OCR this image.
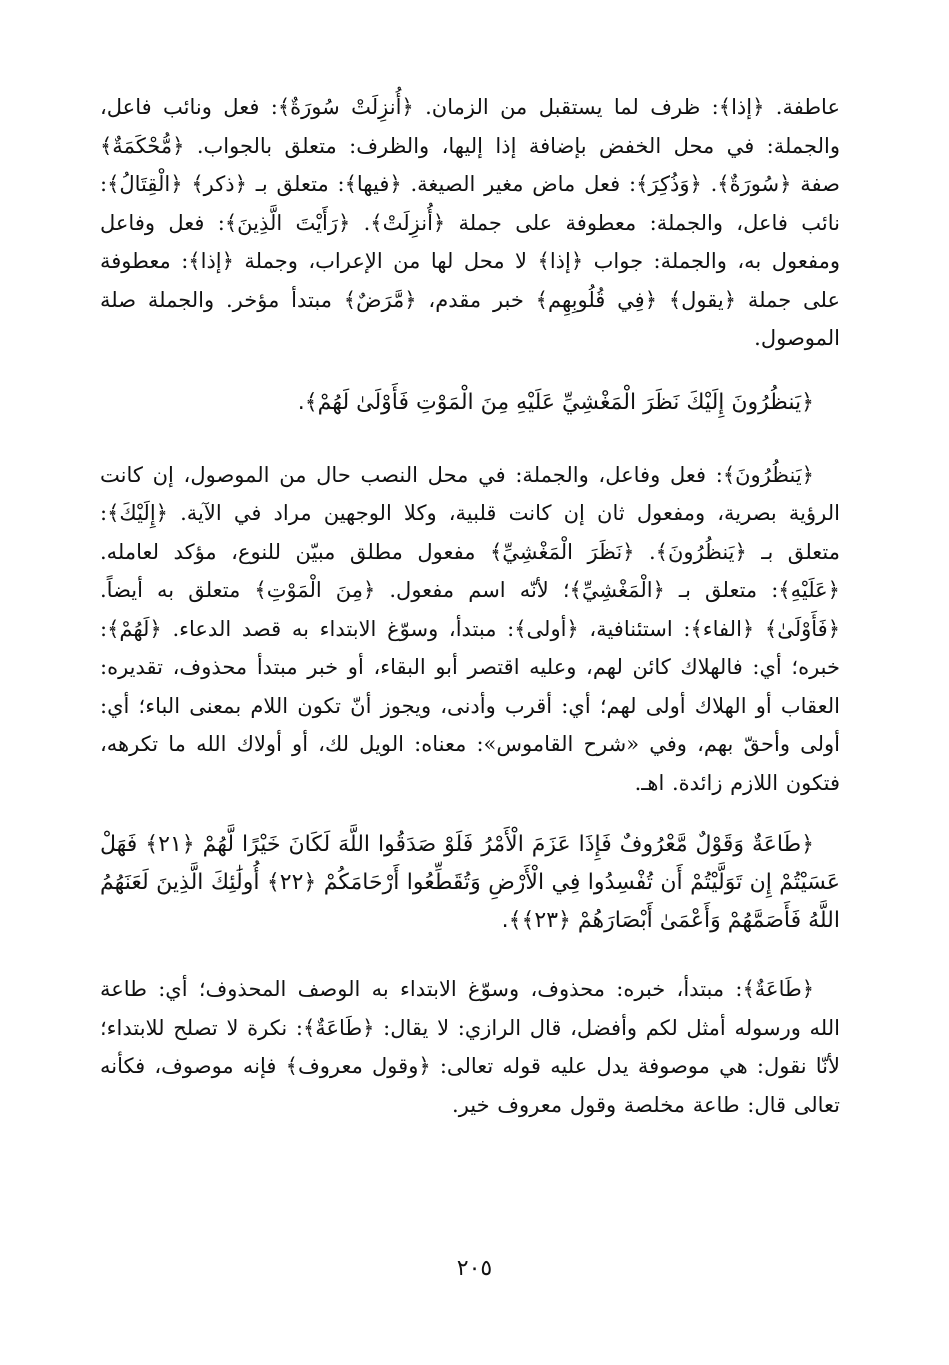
عاطفة. ﴿إذا﴾: ظرف لما يستقبل من الزمان. ﴿أُنزِلَتْ سُورَةٌ﴾: فعل ونائب فاعل، والجملة: في محل الخفض بإضافة إذا إليها، والظرف: متعلق بالجواب. ﴿مُّحْكَمَةٌ﴾ صفة ﴿سُورَةٌ﴾. ﴿وَذُكِرَ﴾: فعل ماض مغير الصيغة. ﴿فيها﴾: متعلق بـ ﴿ذكر﴾ ﴿الْقِتَالُ﴾: نائب فاعل، والجملة: معطوفة على جملة ﴿أُنزِلَتْ﴾. ﴿رَأَيْتَ الَّذِينَ﴾: فعل وفاعل ومفعول به، والجملة: جواب ﴿إذا﴾ لا محل لها من الإعراب، وجملة ﴿إذا﴾: معطوفة على جملة ﴿يقول﴾ ﴿فِي قُلُوبِهِم﴾ خبر مقدم، ﴿مَّرَضٌ﴾ مبتدأ مؤخر. والجملة صلة الموصول.

﴿يَنظُرُونَ إِلَيْكَ نَظَرَ الْمَغْشِيِّ عَلَيْهِ مِنَ الْمَوْتِ فَأَوْلَىٰ لَهُمْ﴾.

﴿يَنظُرُونَ﴾: فعل وفاعل، والجملة: في محل النصب حال من الموصول، إن كانت الرؤية بصرية، ومفعول ثان إن كانت قلبية، وكلا الوجهين مراد في الآية. ﴿إِلَيْكَ﴾: متعلق بـ ﴿يَنظُرُونَ﴾. ﴿نَظَرَ الْمَغْشِيِّ﴾ مفعول مطلق مبيّن للنوع، مؤكد لعامله. ﴿عَلَيْهِ﴾: متعلق بـ ﴿الْمَغْشِيِّ﴾؛ لأنّه اسم مفعول. ﴿مِنَ الْمَوْتِ﴾ متعلق به أيضاً. ﴿فَأَوْلَىٰ﴾ ﴿الفاء﴾: استئنافية، ﴿أولى﴾: مبتدأ، وسوّغ الابتداء به قصد الدعاء. ﴿لَهُمْ﴾: خبره؛ أي: فالهلاك كائن لهم، وعليه اقتصر أبو البقاء، أو خبر مبتدأ محذوف، تقديره: العقاب أو الهلاك أولى لهم؛ أي: أقرب وأدنى، ويجوز أنّ تكون اللام بمعنى الباء؛ أي: أولى وأحقّ بهم، وفي «شرح القاموس»: معناه: الويل لك، أو أولاك الله ما تكرهه، فتكون اللازم زائدة. اهـ.

﴿طَاعَةٌ وَقَوْلٌ مَّعْرُوفٌ فَإِذَا عَزَمَ الْأَمْرُ فَلَوْ صَدَقُوا اللَّهَ لَكَانَ خَيْرًا لَّهُمْ ﴿٢١﴾ فَهَلْ عَسَيْتُمْ إِن تَوَلَّيْتُمْ أَن تُفْسِدُوا فِي الْأَرْضِ وَتُقَطِّعُوا أَرْحَامَكُمْ ﴿٢٢﴾ أُولَٰئِكَ الَّذِينَ لَعَنَهُمُ اللَّهُ فَأَصَمَّهُمْ وَأَعْمَىٰ أَبْصَارَهُمْ ﴿٢٣﴾﴾.

﴿طَاعَةٌ﴾: مبتدأ، خبره: محذوف، وسوّغ الابتداء به الوصف المحذوف؛ أي: طاعة الله ورسوله أمثل لكم وأفضل، قال الرازي: لا يقال: ﴿طَاعَةٌ﴾: نكرة لا تصلح للابتداء؛ لأنّا نقول: هي موصوفة يدل عليه قوله تعالى: ﴿وقول معروف﴾ فإنه موصوف، فكأنه تعالى قال: طاعة مخلصة وقول معروف خير.

٢٠٥
